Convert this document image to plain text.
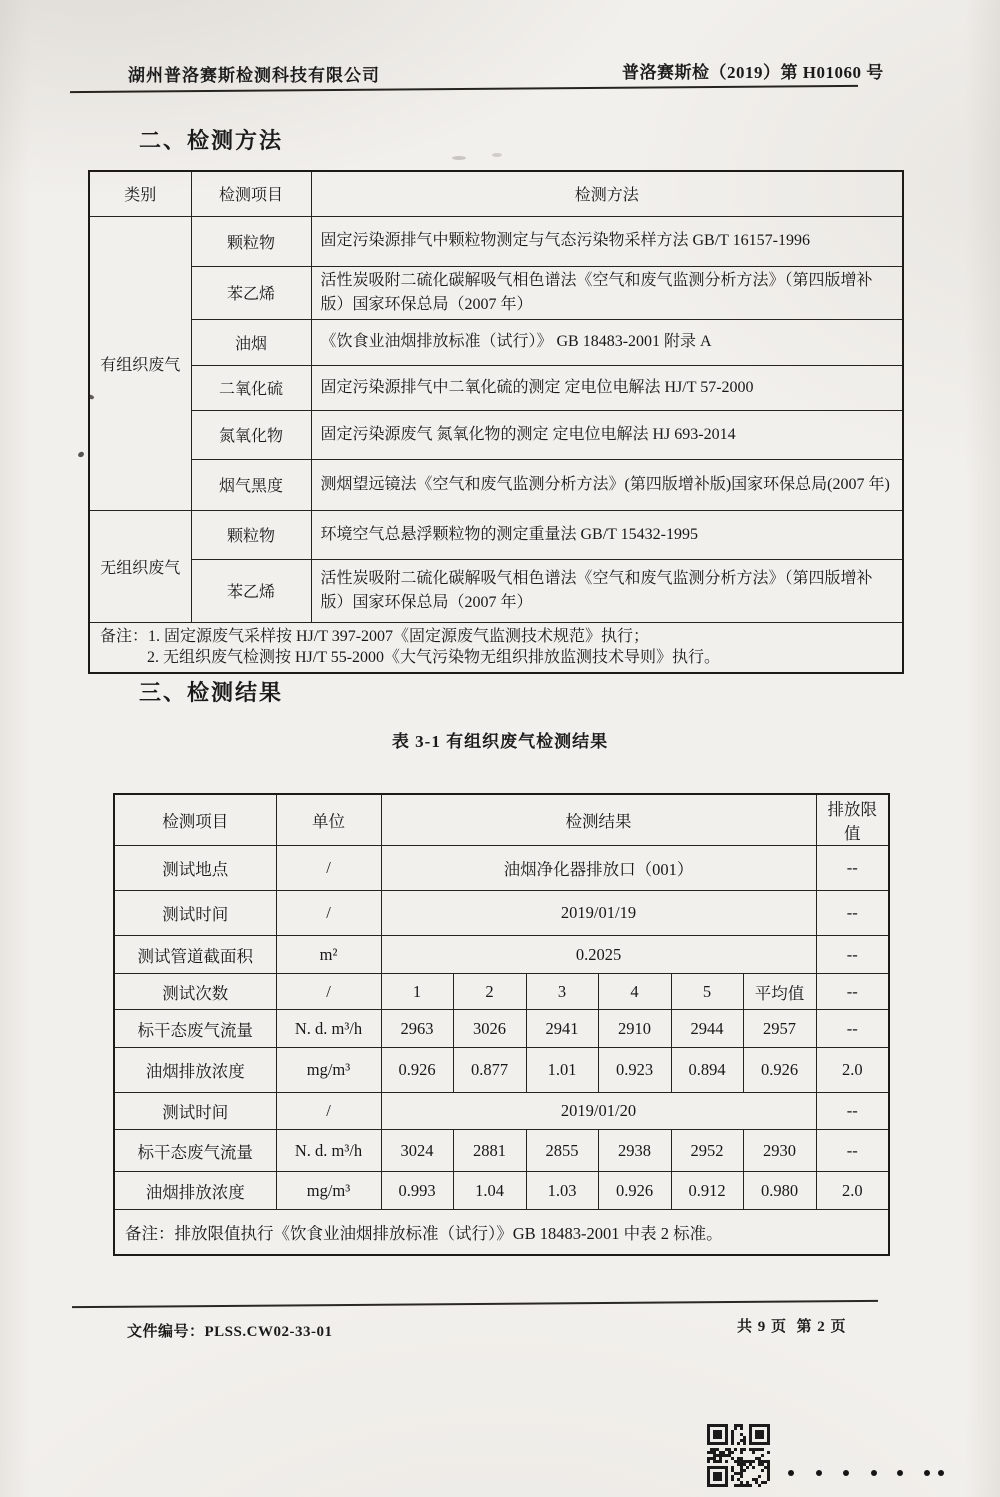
湖州普洛赛斯检测科技有限公司	普洛赛斯检（2019）第 H01060 号
二、检测方法
类别	检测项目	检测方法
有组织废气	颗粒物	固定污染源排气中颗粒物测定与气态污染物采样方法 GB/T 16157-1996
	苯乙烯	活性炭吸附二硫化碳解吸气相色谱法《空气和废气监测分析方法》（第四版增补版）国家环保总局（2007 年）
	油烟	《饮食业油烟排放标准（试行）》 GB 18483-2001 附录 A
	二氧化硫	固定污染源排气中二氧化硫的测定 定电位电解法 HJ/T 57-2000
	氮氧化物	固定污染源废气 氮氧化物的测定 定电位电解法 HJ 693-2014
	烟气黑度	测烟望远镜法《空气和废气监测分析方法》(第四版增补版)国家环保总局(2007 年)
无组织废气	颗粒物	环境空气总悬浮颗粒物的测定重量法 GB/T 15432-1995
	苯乙烯	活性炭吸附二硫化碳解吸气相色谱法《空气和废气监测分析方法》（第四版增补版）国家环保总局（2007 年）

备注：1. 固定源废气采样按 HJ/T 397-2007《固定源废气监测技术规范》执行；
2. 无组织废气检测按 HJ/T 55-2000《大气污染物无组织排放监测技术导则》执行。		
三、检测结果
表 3-1 有组织废气检测结果
检测项目	单位	检测结果						排放限值
测试地点	/	油烟净化器排放口（001）						--
测试时间	/	2019/01/19						--
测试管道截面积	m²	0.2025						--
测试次数	/	1	2	3	4	5	平均值	--
标干态废气流量	N. d. m³/h	2963	3026	2941	2910	2944	2957	--
油烟排放浓度	mg/m³	0.926	0.877	1.01	0.923	0.894	0.926	2.0
测试时间	/	2019/01/20						--
标干态废气流量	N. d. m³/h	3024	2881	2855	2938	2952	2930	--
油烟排放浓度	mg/m³	0.993	1.04	1.03	0.926	0.912	0.980	2.0
备注：排放限值执行《饮食业油烟排放标准（试行）》GB 18483-2001 中表 2 标准。								
文件编号：PLSS.CW02-33-01	共 9 页 第 2 页
